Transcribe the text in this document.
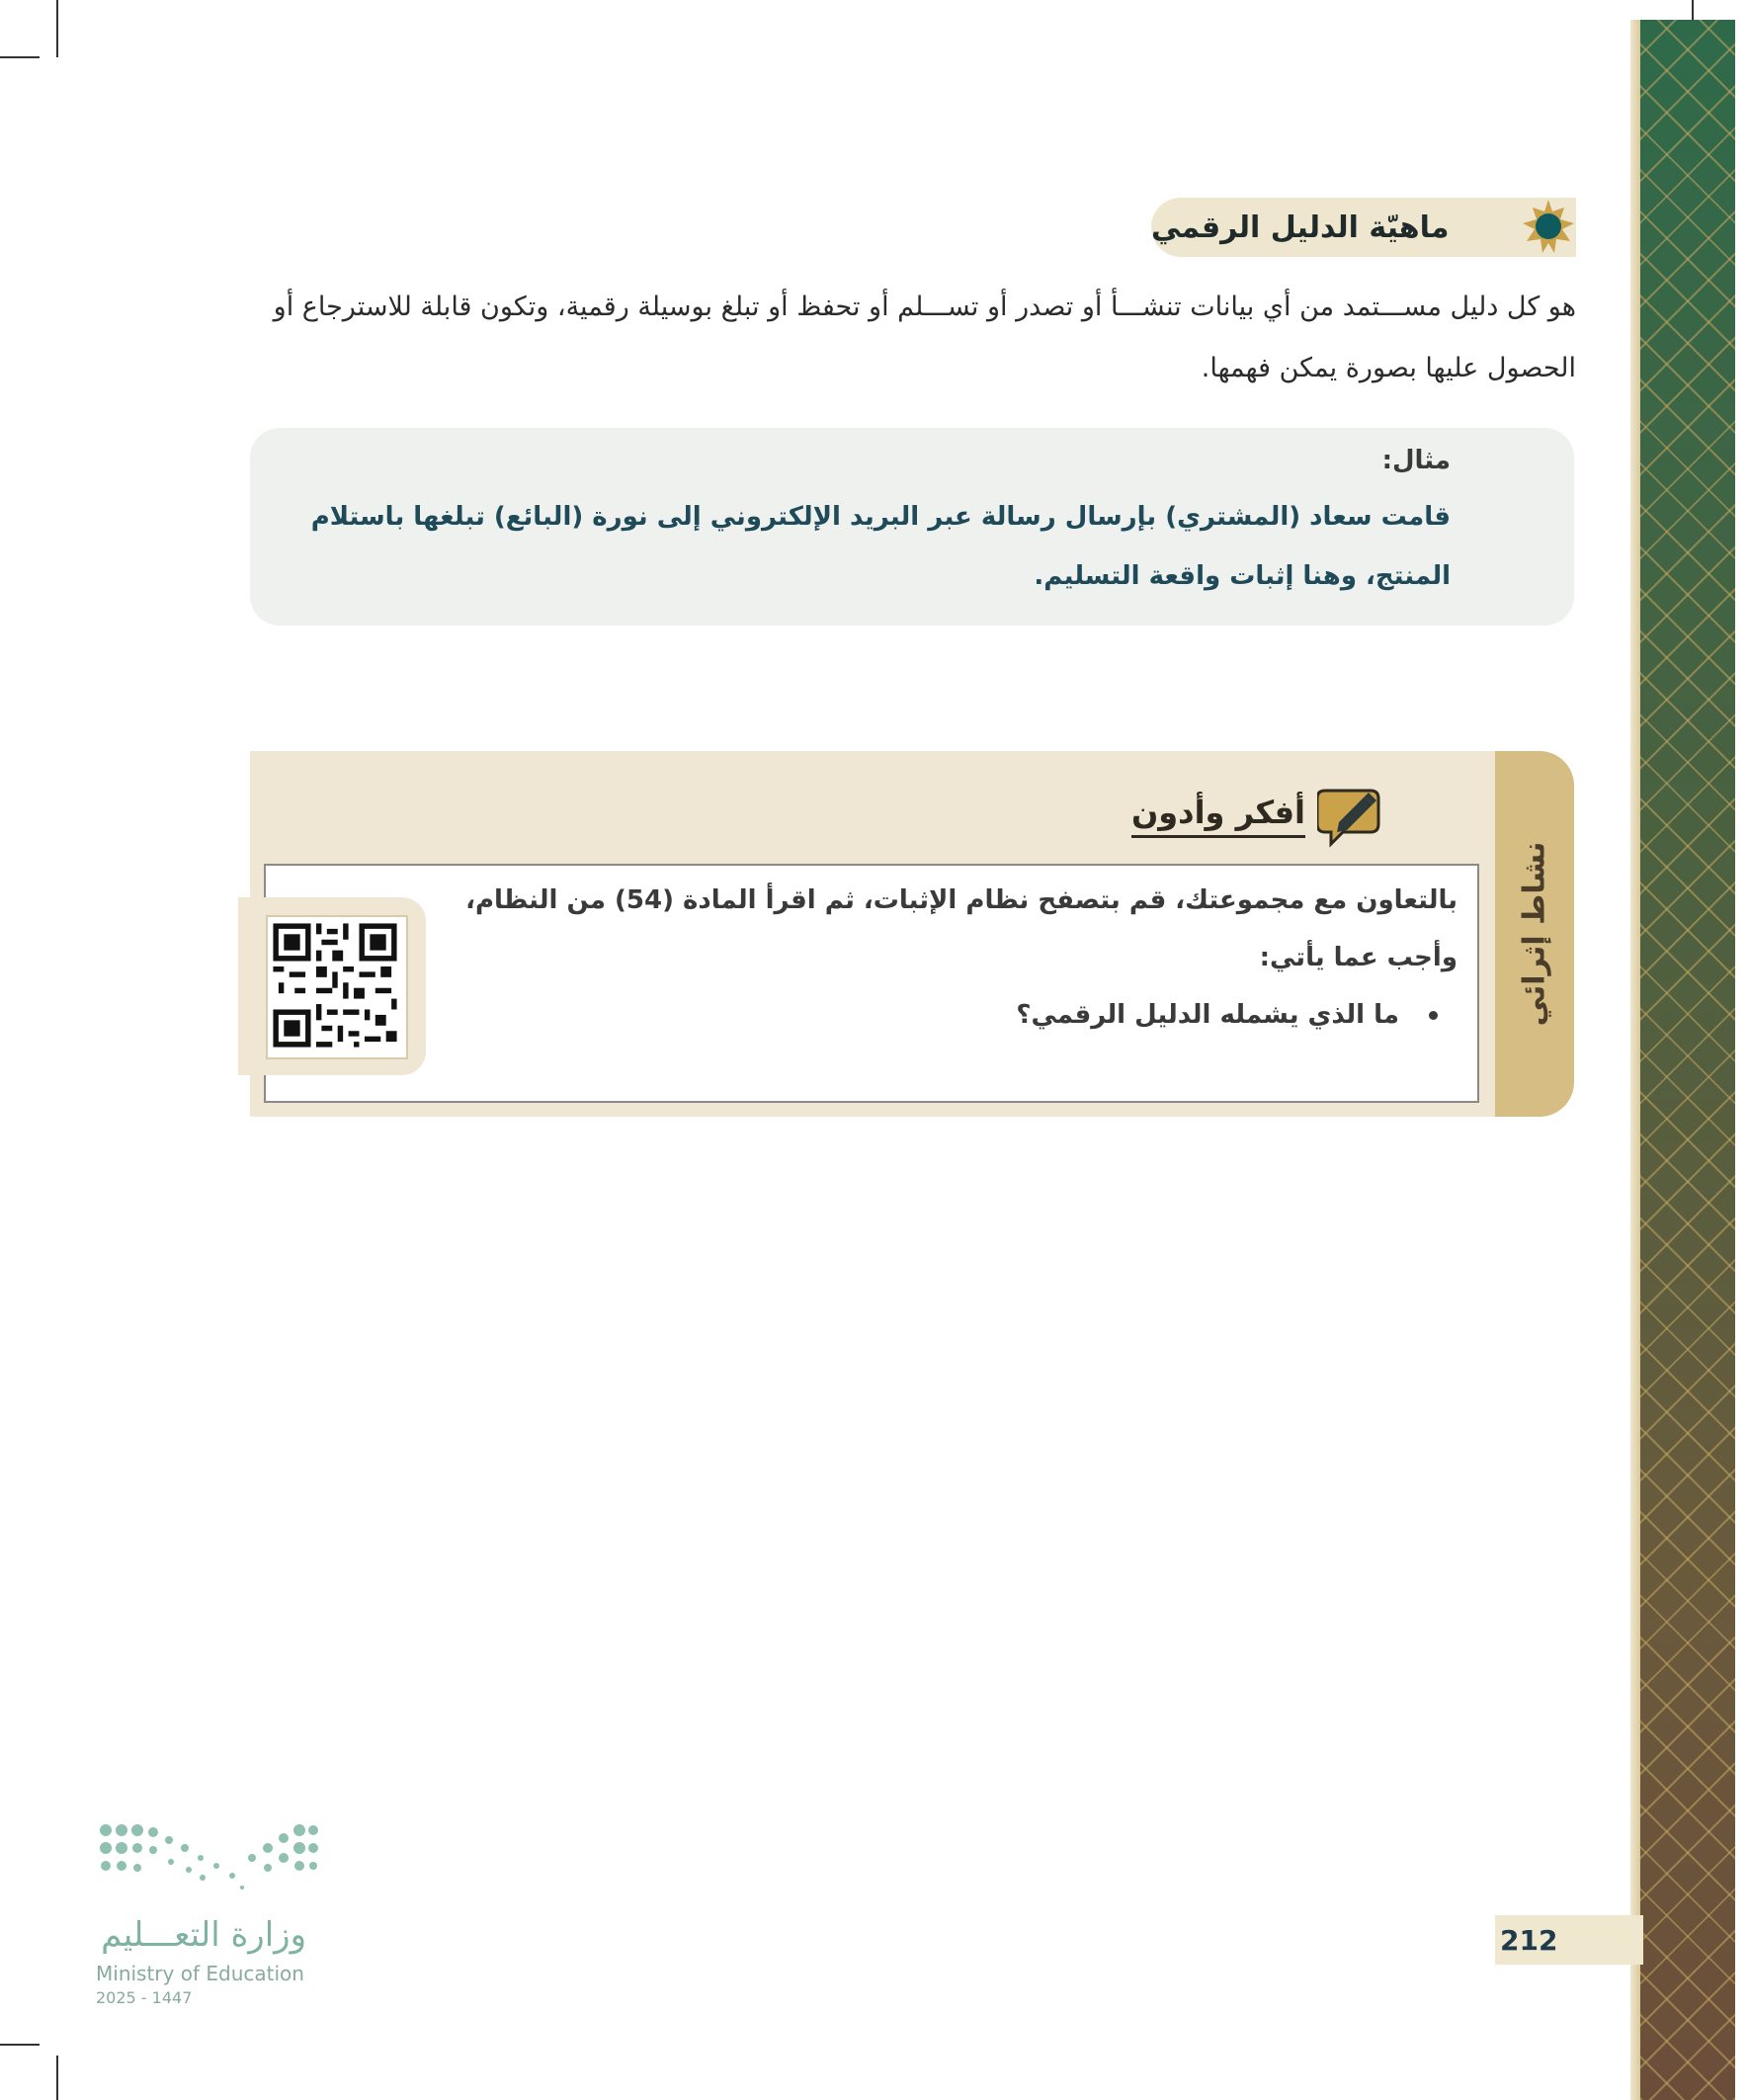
ماهيّة الدليل الرقمي
هو كل دليل مســـتمد من أي بيانات تنشـــأ أو تصدر أو تســـلم أو تحفظ أو تبلغ بوسيلة رقمية، وتكون قابلة للاسترجاع أو الحصول عليها بصورة يمكن فهمها.
مثال:
قامت سعاد (المشتري) بإرسال رسالة عبر البريد الإلكتروني إلى نورة (البائع) تبلغها باستلام المنتج، وهنا إثبات واقعة التسليم.
أفكر وأدون
بالتعاون مع مجموعتك، قم بتصفح نظام الإثبات، ثم اقرأ المادة (54) من النظام، وأجب عما يأتي:
ما الذي يشمله الدليل الرقمي؟	نشاط إثرائي
212
وزارة التعـــليم
Ministry of Education
2025 - 1447
